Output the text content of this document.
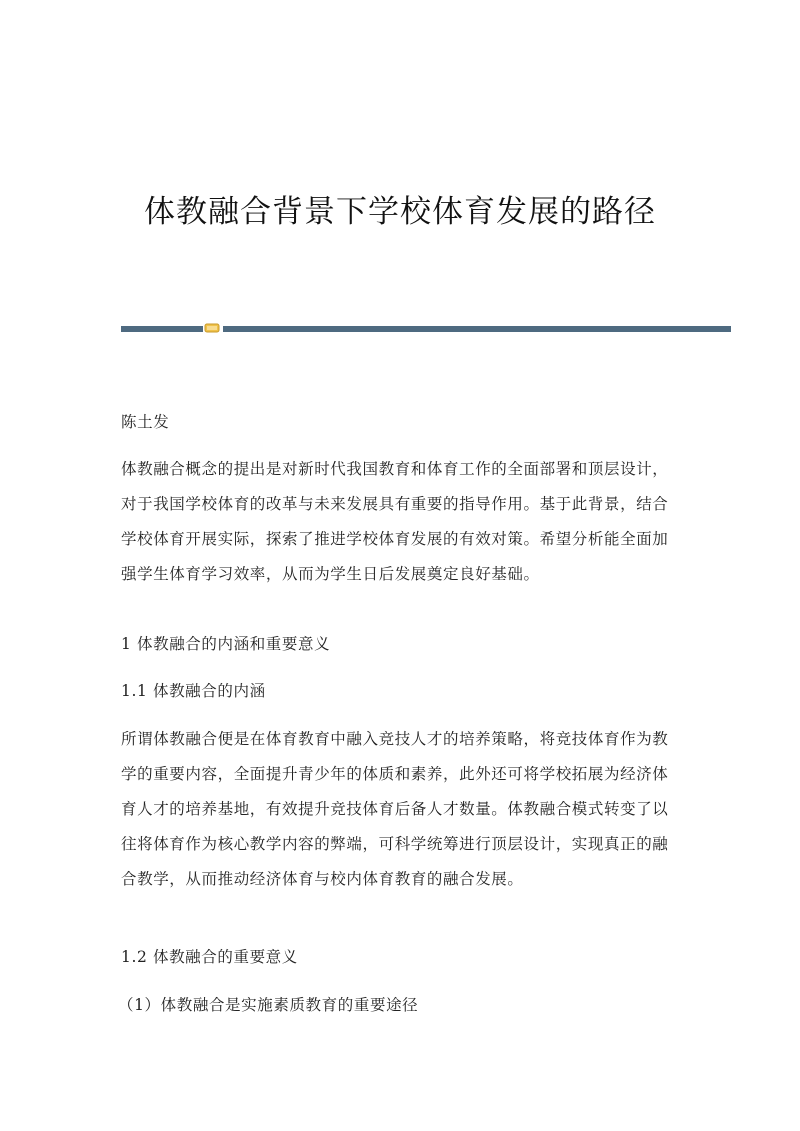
体教融合背景下学校体育发展的路径
陈土发

体教融合概念的提出是对新时代我国教育和体育工作的全面部署和顶层设计，对于我国学校体育的改革与未来发展具有重要的指导作用。基于此背景，结合学校体育开展实际，探索了推进学校体育发展的有效对策。希望分析能全面加强学生体育学习效率，从而为学生日后发展奠定良好基础。

1 体教融合的内涵和重要意义
1.1 体教融合的内涵

所谓体教融合便是在体育教育中融入竞技人才的培养策略，将竞技体育作为教学的重要内容，全面提升青少年的体质和素养，此外还可将学校拓展为经济体育人才的培养基地，有效提升竞技体育后备人才数量。体教融合模式转变了以往将体育作为核心教学内容的弊端，可科学统筹进行顶层设计，实现真正的融合教学，从而推动经济体育与校内体育教育的融合发展。

1.2 体教融合的重要意义
（1）体教融合是实施素质教育的重要途径
